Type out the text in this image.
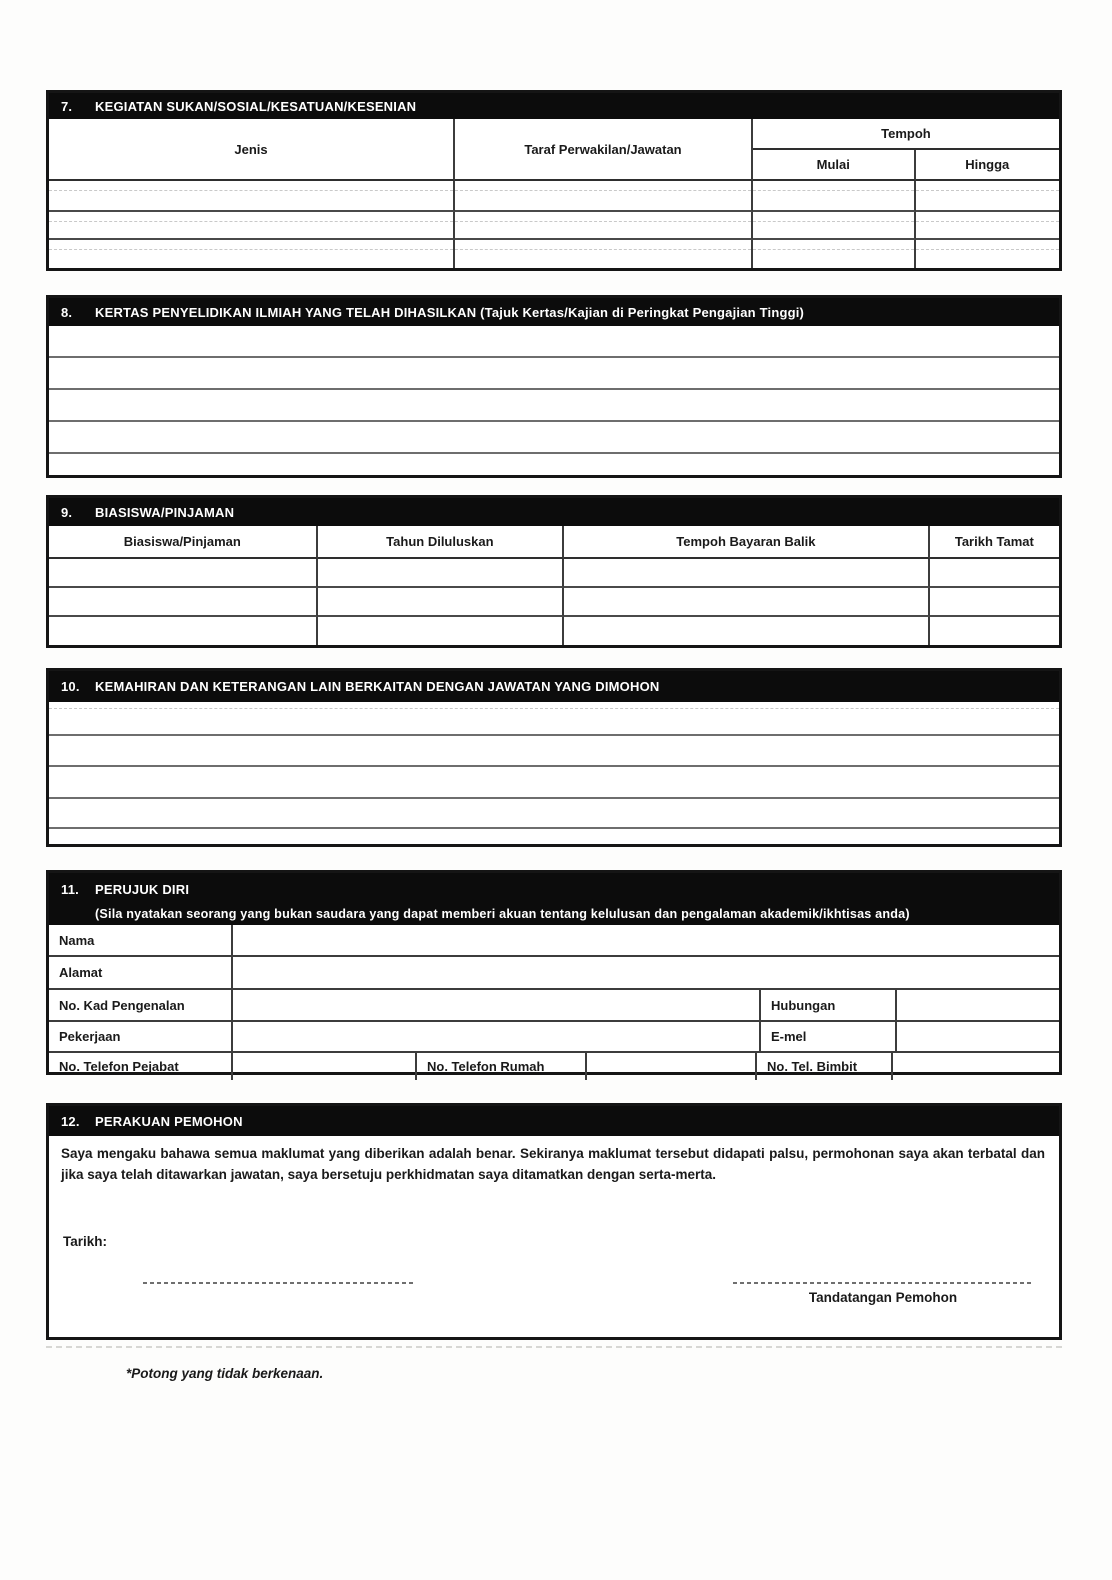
7.	KEGIATAN SUKAN/SOSIAL/KESATUAN/KESENIAN
Jenis	Taraf Perwakilan/Jawatan
Tempoh
Mulai	Hingga
8.	KERTAS PENYELIDIKAN ILMIAH YANG TELAH DIHASILKAN (Tajuk Kertas/Kajian di Peringkat Pengajian Tinggi)
9.	BIASISWA/PINJAMAN
Biasiswa/Pinjaman	Tahun Diluluskan	Tempoh Bayaran Balik	Tarikh Tamat
10.	KEMAHIRAN DAN KETERANGAN LAIN BERKAITAN DENGAN JAWATAN YANG DIMOHON
11.	PERUJUK DIRI
(Sila nyatakan seorang yang bukan saudara yang dapat memberi akuan tentang kelulusan dan pengalaman akademik/ikhtisas anda)
Nama
Alamat
No. Kad Pengenalan	Hubungan
Pekerjaan	E-mel
No. Telefon Pejabat	No. Telefon Rumah	No. Tel. Bimbit
12.	PERAKUAN PEMOHON
Saya mengaku bahawa semua maklumat yang diberikan adalah benar. Sekiranya maklumat tersebut didapati palsu, permohonan saya akan terbatal dan jika saya telah ditawarkan jawatan, saya bersetuju perkhidmatan saya ditamatkan dengan serta-merta.
Tarikh:
Tandatangan Pemohon
*Potong yang tidak berkenaan.
